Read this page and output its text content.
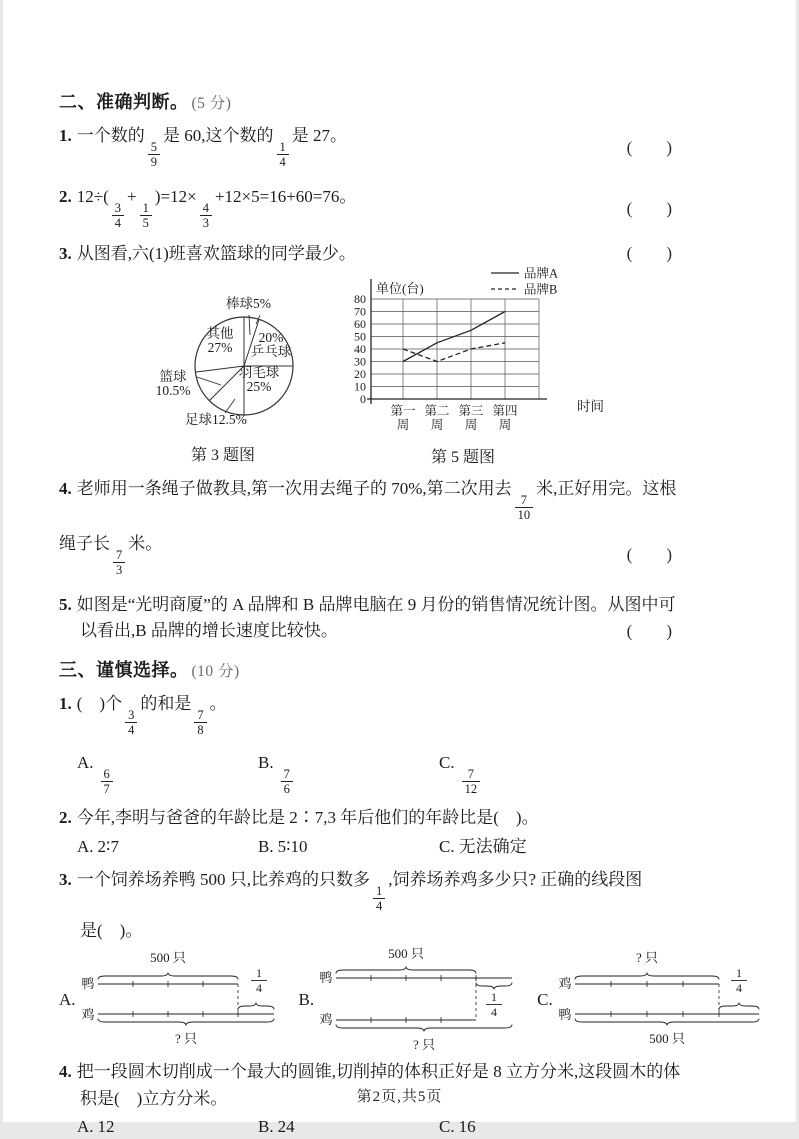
二、准确判断。 (5 分)
1. 一个数的
$\frac{5}{9}$
是 60,这个数的
$\frac{1}{4}$
是 27。
(        )
2. 12÷(
$\frac{3}{4}$
+
$\frac{1}{5}$
)=12×
$\frac{4}{3}$
+12×5=16+60=76。
(        )
3. 从图看,六(1)班喜欢篮球的同学最少。	(        )
棒球5%
其他
27%
20%
乒乓球
羽毛球
25%
篮球
10.5%
足球12.5%
第 3 题图
0
10
20
30
40
50
60
70
80
第一
周
第二
周
第三
周
第四
周
单位(台)
时间
品牌A
品牌B
第 5 题图
4. 老师用一条绳子做教具,第一次用去绳子的 70%,第二次用去
$\frac{7}{10}$
米,正好用完。这根
绳子长
$\frac{7}{3}$
米。
(        )
5. 如图是“光明商厦”的 A 品牌和 B 品牌电脑在 9 月份的销售情况统计图。从图中可
以看出,B 品牌的增长速度比较快。	(        )
三、谨慎选择。 (10 分)
1. (    )个
$\frac{3}{4}$
的和是
$\frac{7}{8}$
。
A.
$\frac{6}{7}$
B.
$\frac{7}{6}$
C.
$\frac{7}{12}$
2. 今年,李明与爸爸的年龄比是 2∶7,3 年后他们的年龄比是(    )。
A. 2∶7	B. 5∶10	C. 无法确定
3. 一个饲养场养鸭 500 只,比养鸡的只数多
$\frac{1}{4}$
,饲养场养鸡多少只? 正确的线段图
是(    )。
A.
鸭
鸡
500 只
1
4
? 只
B.
鸭
鸡
500 只
1
4
? 只
C.
鸡
鸭
? 只
1
4
500 只
4. 把一段圆木切削成一个最大的圆锥,切削掉的体积正好是 8 立方分米,这段圆木的体
积是(    )立方分米。
A. 12	B. 24	C. 16
第2页,共5页
